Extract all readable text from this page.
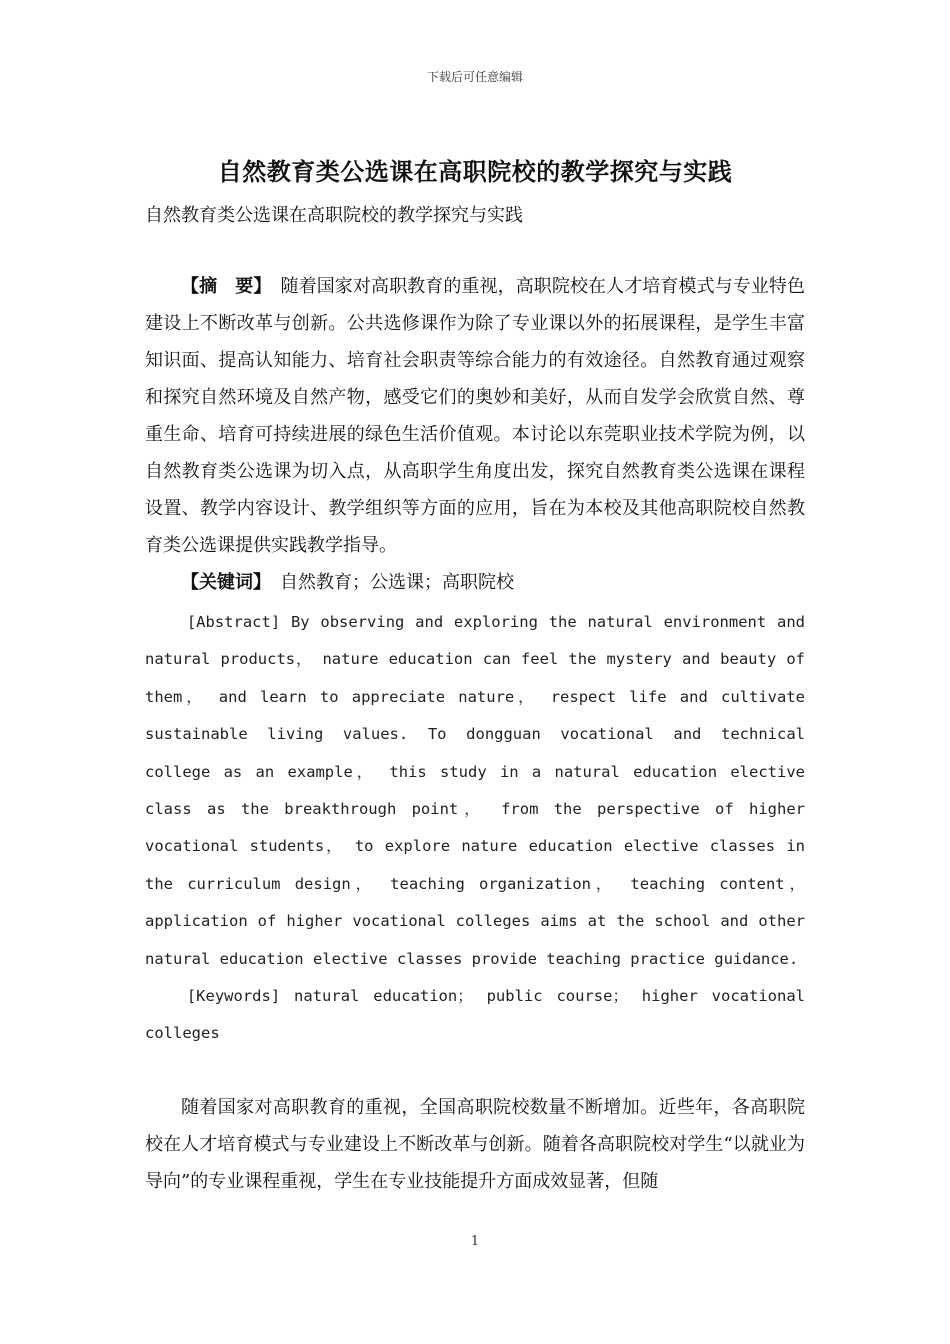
下载后可任意编辑
自然教育类公选课在高职院校的教学探究与实践
自然教育类公选课在高职院校的教学探究与实践

【摘　要】　 随着国家对高职教育的重视，高职院校在人才培育模式与专业特色建设上不断改革与创新。公共选修课作为除了专业课以外的拓展课程，是学生丰富知识面、提高认知能力、培育社会职责等综合能力的有效途径。自然教育通过观察和探究自然环境及自然产物，感受它们的奥妙和美好，从而自发学会欣赏自然、尊重生命、培育可持续进展的绿色生活价值观。本讨论以东莞职业技术学院为例，以自然教育类公选课为切入点，从高职学生角度出发，探究自然教育类公选课在课程设置、教学内容设计、教学组织等方面的应用，旨在为本校及其他高职院校自然教育类公选课提供实践教学指导。

【关键词】　 自然教育；公选课；高职院校

[Abstract] By observing and exploring the natural environment and natural products， nature education can feel the mystery and beauty of them， and learn to appreciate nature， respect life and cultivate sustainable living values. To dongguan vocational and technical college as an example， this study in a natural education elective class as the breakthrough point， from the perspective of higher vocational students， to explore nature education elective classes in the curriculum design， teaching organization， teaching content， application of higher vocational colleges aims at the school and other natural education elective classes provide teaching practice guidance.

[Keywords] natural education； public course； higher vocational colleges

随着国家对高职教育的重视，全国高职院校数量不断增加。近些年，各高职院校在人才培育模式与专业建设上不断改革与创新。随着各高职院校对学生“以就业为导向”的专业课程重视，学生在专业技能提升方面成效显著，但随

1
